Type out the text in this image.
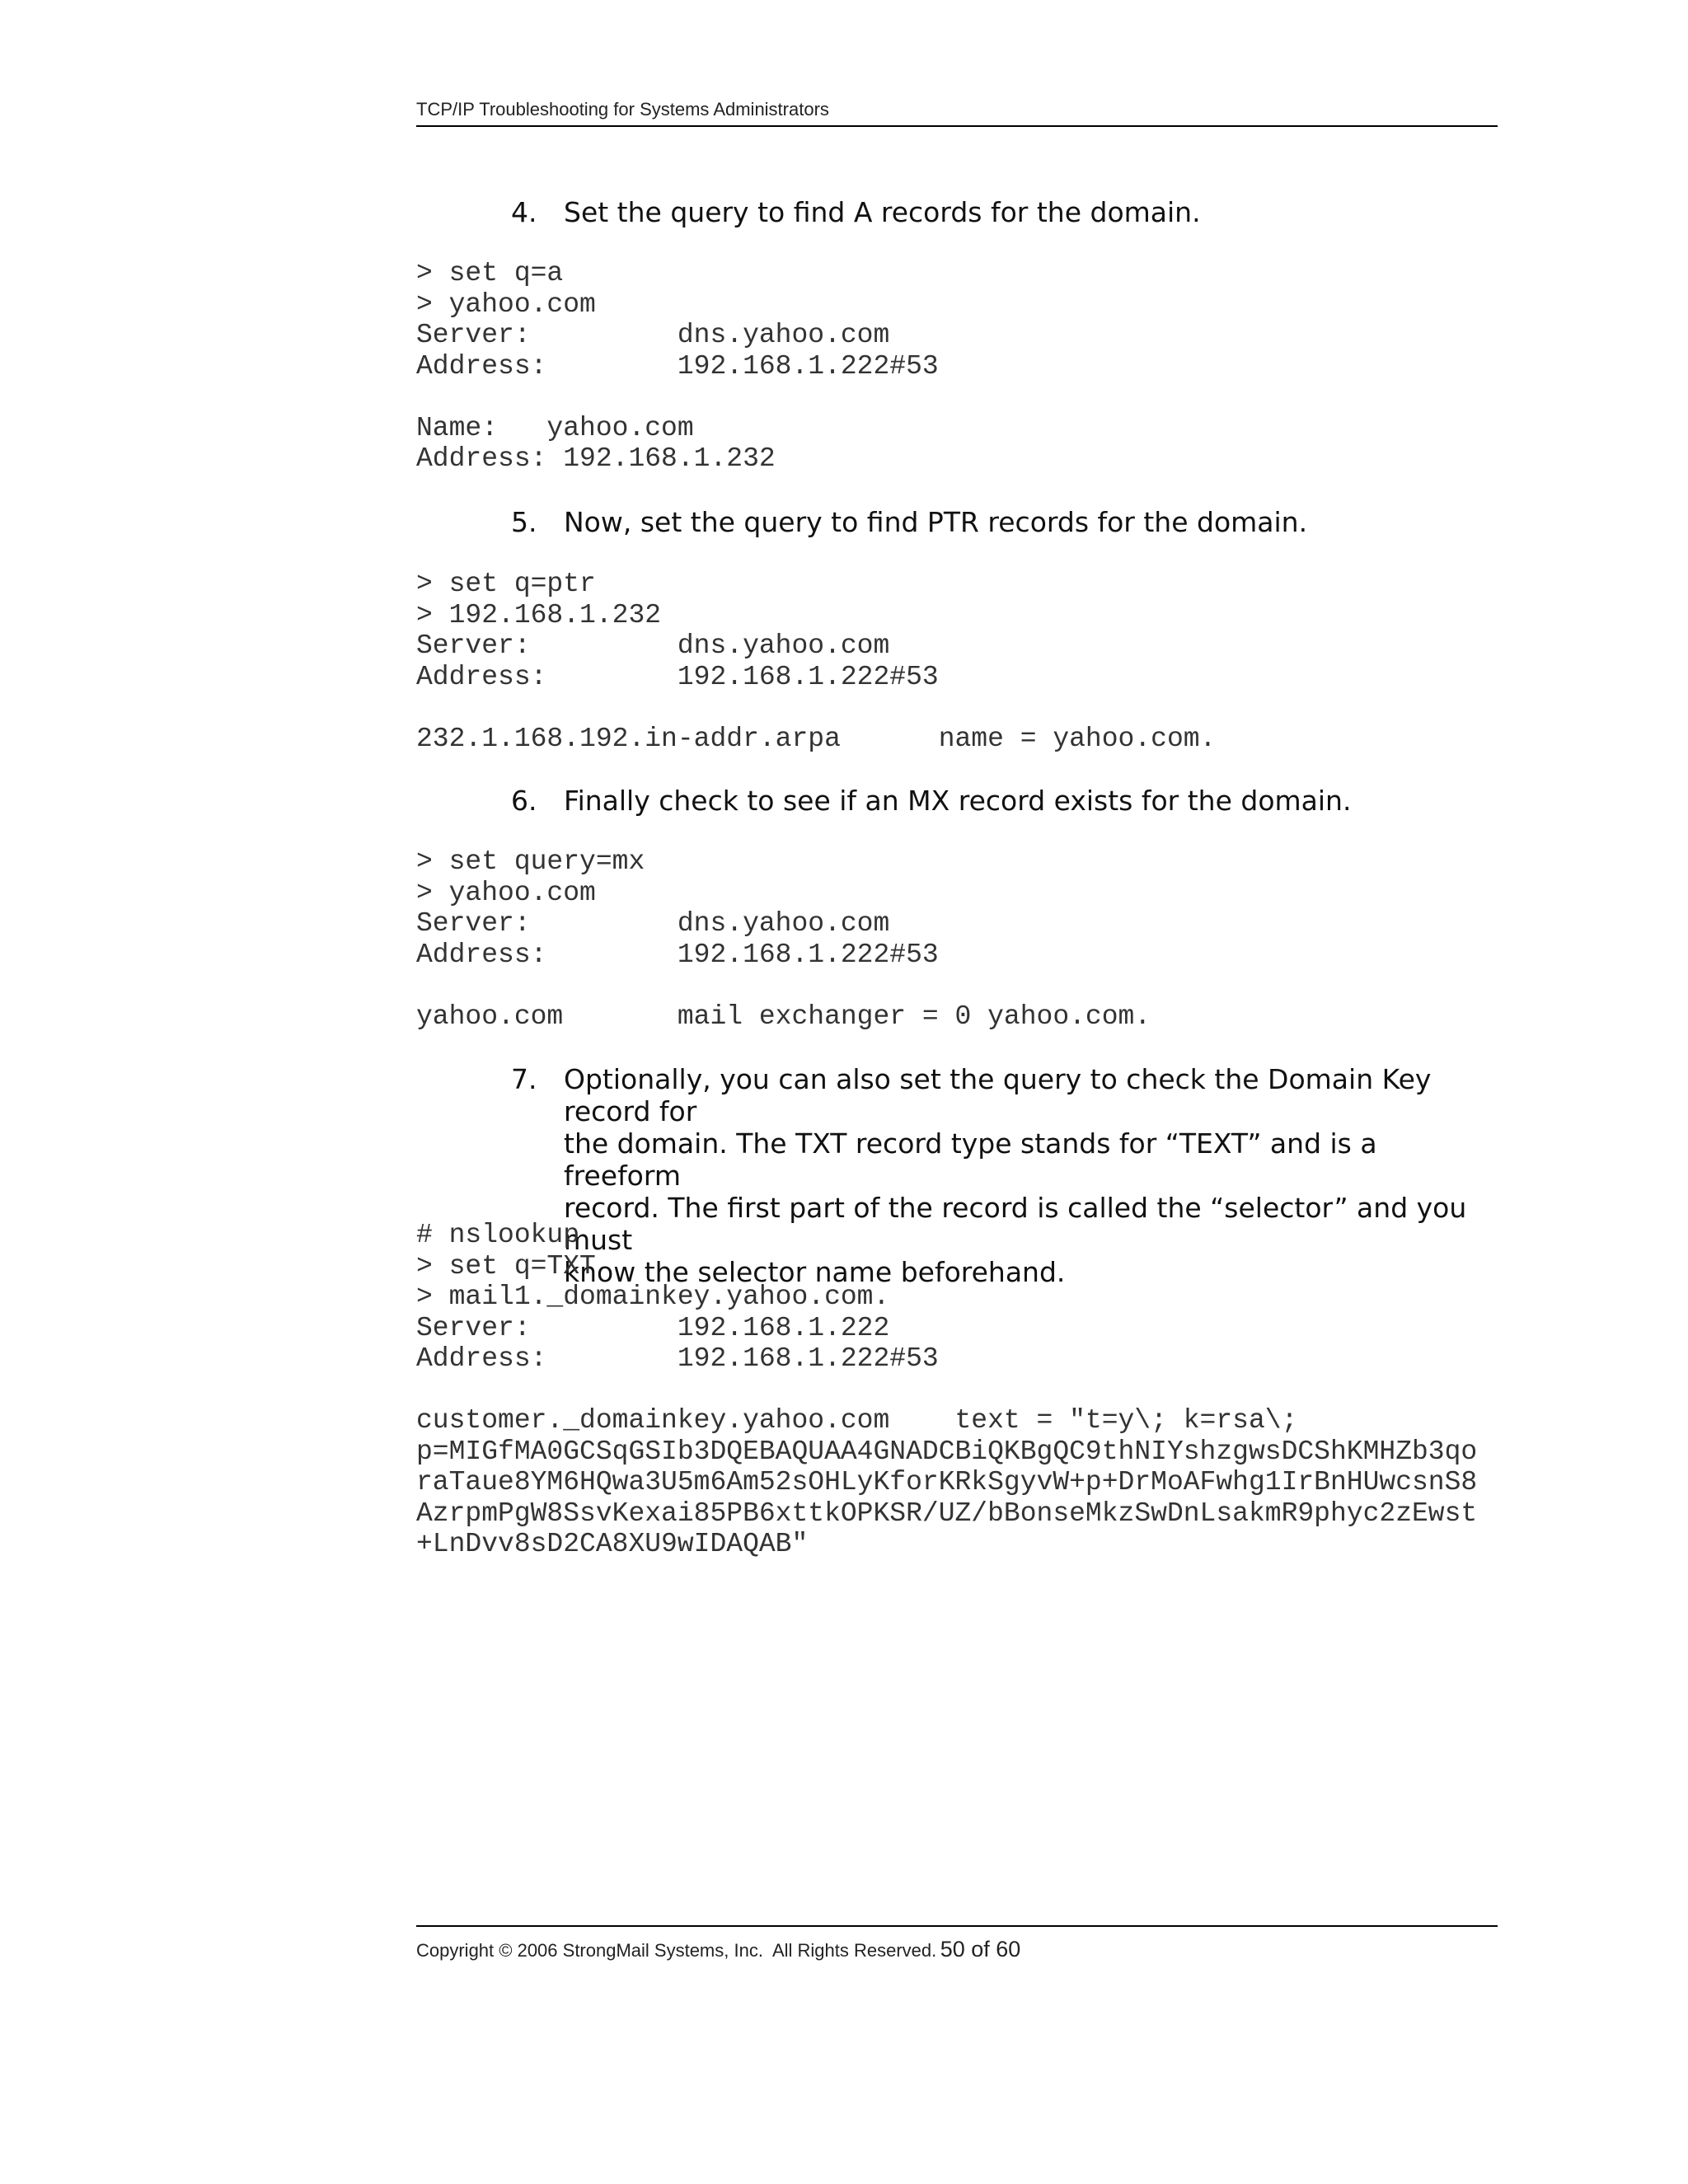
TCP/IP Troubleshooting for Systems Administrators
4. Set the query to find A records for the domain.
> set q=a
> yahoo.com
Server:         dns.yahoo.com
Address:        192.168.1.222#53

Name:   yahoo.com
Address: 192.168.1.232
5. Now, set the query to find PTR records for the domain.
> set q=ptr
> 192.168.1.232
Server:         dns.yahoo.com
Address:        192.168.1.222#53

232.1.168.192.in-addr.arpa      name = yahoo.com.
6. Finally check to see if an MX record exists for the domain.
> set query=mx
> yahoo.com
Server:         dns.yahoo.com
Address:        192.168.1.222#53

yahoo.com       mail exchanger = 0 yahoo.com.
7. Optionally, you can also set the query to check the Domain Key record for
the domain. The TXT record type stands for “TEXT” and is a freeform
record. The first part of the record is called the “selector” and you must
know the selector name beforehand.
# nslookup
> set q=TXT
> mail1._domainkey.yahoo.com.
Server:         192.168.1.222
Address:        192.168.1.222#53

customer._domainkey.yahoo.com    text = "t=y\; k=rsa\;
p=MIGfMA0GCSqGSIb3DQEBAQUAA4GNADCBiQKBgQC9thNIYshzgwsDCShKMHZb3qo
raTaue8YM6HQwa3U5m6Am52sOHLyKforKRkSgyvW+p+DrMoAFwhg1IrBnHUwcsnS8
AzrpmPgW8SsvKexai85PB6xttkOPKSR/UZ/bBonseMkzSwDnLsakmR9phyc2zEwst
+LnDvv8sD2CA8XU9wIDAQAB"
Copyright © 2006 StrongMail Systems, Inc.  All Rights Reserved. 50 of 60
